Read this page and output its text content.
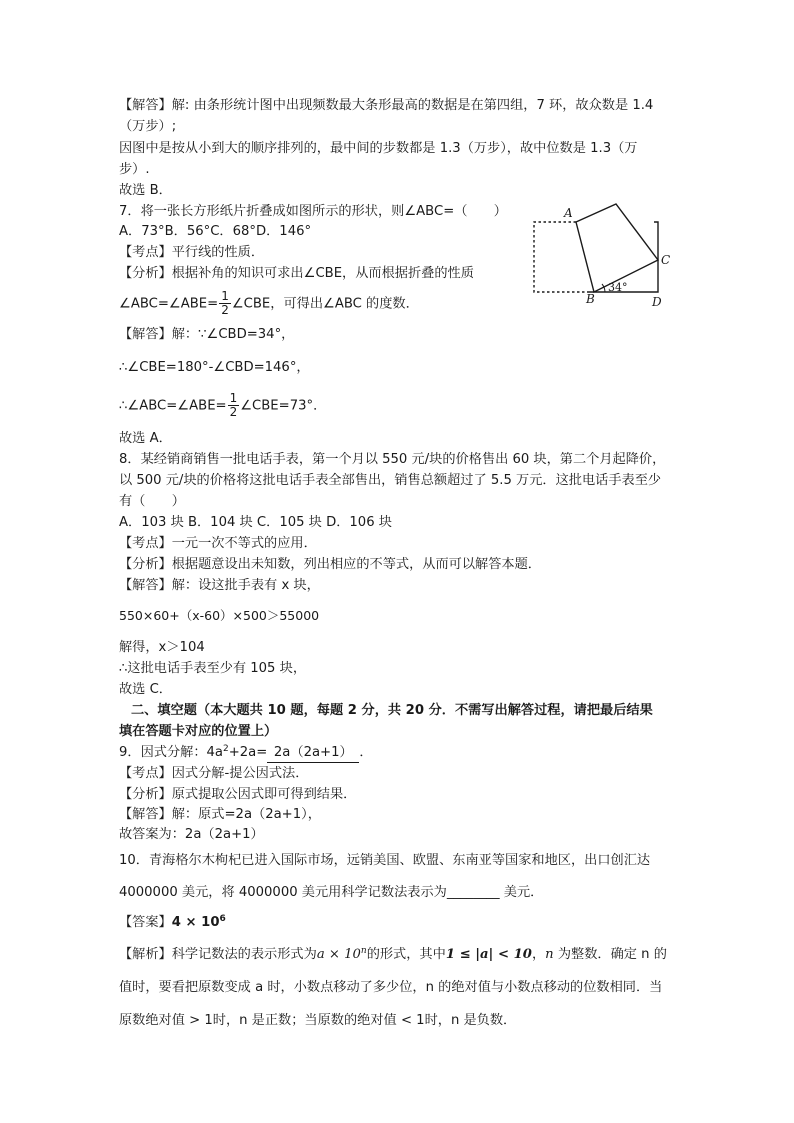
【解答】解: 由条形统计图中出现频数最大条形最高的数据是在第四组，7 环，故众数是 1.4
（万步）;
因图中是按从小到大的顺序排列的，最中间的步数都是 1.3（万步），故中位数是 1.3（万
步）.
故选 B．
7．将一张长方形纸片折叠成如图所示的形状，则∠ABC=（　　）
A．73°B．56°C．68°D．146°
【考点】平行线的性质．
【分析】根据补角的知识可求出∠CBE，从而根据折叠的性质
∠ABC=∠ABE= $\frac{1}{2}$ ∠CBE，可得出∠ABC 的度数．
【解答】解：∵∠CBD=34°，
∴∠CBE=180°-∠CBD=146°，
∴∠ABC=∠ABE= $\frac{1}{2}$ ∠CBE=73°．
故选 A．
A
B
C
D
34°
8．某经销商销售一批电话手表，第一个月以 550 元/块的价格售出 60 块，第二个月起降价，
以 500 元/块的价格将这批电话手表全部售出，销售总额超过了 5.5 万元．这批电话手表至少
有（　　）
A．103 块 B．104 块 C．105 块 D．106 块
【考点】一元一次不等式的应用．
【分析】根据题意设出未知数，列出相应的不等式，从而可以解答本题．
【解答】解：设这批手表有 x 块，
550×60+（x-60）×500＞55000
解得，x＞104
∴这批电话手表至少有 105 块，
故选 C．
二、填空题（本大题共 10 题，每题 2 分，共 20 分．不需写出解答过程，请把最后结果
填在答题卡对应的位置上）
9．因式分解：$4a^2+2a= 2a(2a+1)$ ．
【考点】因式分解-提公因式法．
【分析】原式提取公因式即可得到结果．
【解答】解：原式=2a（2a+1），
故答案为：2a（2a+1）
10．青海格尔木枸杞已进入国际市场，远销美国、欧盟、东南亚等国家和地区，出口创汇达
4000000 美元，将 4000000 美元用科学记数法表示为________ 美元．
【答案】$4 \times 10^6$
【解析】科学记数法的表示形式为$a \times 10^n$的形式，其中1 ≤ |a| < 10，n 为整数．确定 n 的
值时，要看把原数变成 a 时，小数点移动了多少位，n 的绝对值与小数点移动的位数相同．当
原数绝对值 > 1时，n 是正数；当原数的绝对值 < 1时，n 是负数．
